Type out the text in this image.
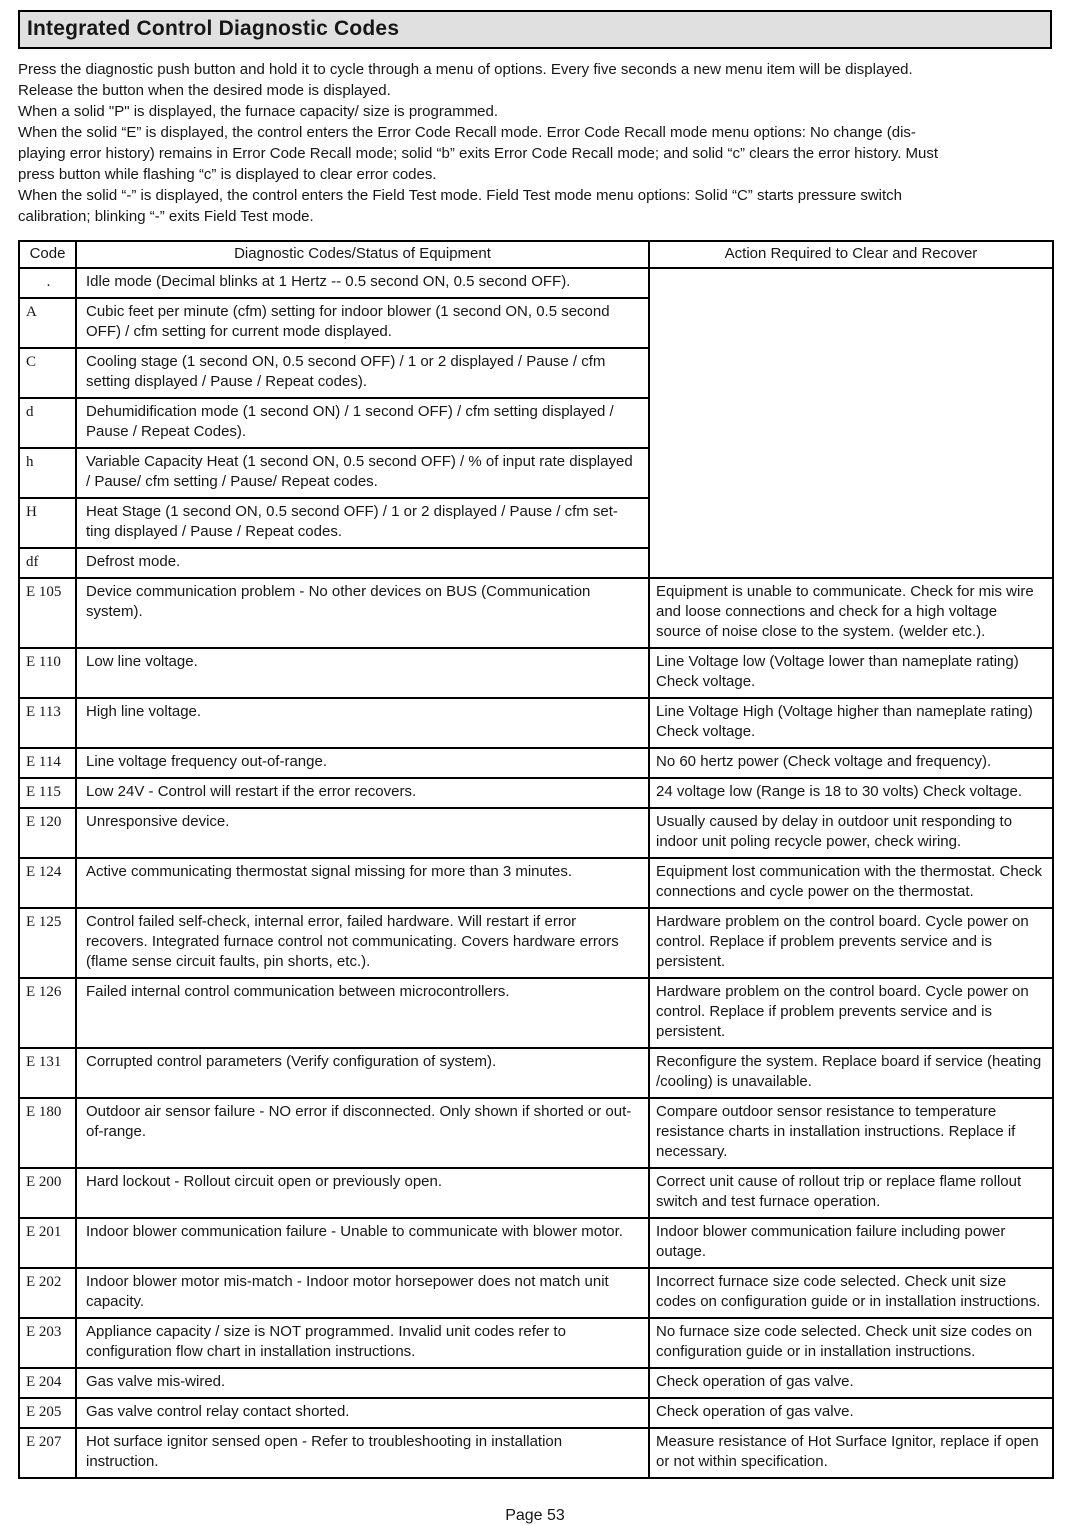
Integrated Control Diagnostic Codes
Press the diagnostic push button and hold it to cycle through a menu of options. Every five seconds a new menu item will be displayed.
Release the button when the desired mode is displayed.
When a solid "P" is displayed, the furnace capacity/ size is programmed.
When the solid “E” is displayed, the control enters the Error Code Recall mode. Error Code Recall mode menu options: No change (dis-
playing error history) remains in Error Code Recall mode; solid “b” exits Error Code Recall mode; and solid “c” clears the error history. Must
press button while flashing “c” is displayed to clear error codes.
When the solid “-” is displayed, the control enters the Field Test mode. Field Test mode menu options: Solid “C” starts pressure switch
calibration; blinking “-” exits Field Test mode.
Code	Diagnostic Codes/Status of Equipment	Action Required to Clear and Recover
.	Idle mode (Decimal blinks at 1 Hertz -- 0.5 second ON, 0.5 second OFF).	
A	Cubic feet per minute (cfm) setting for indoor blower (1 second ON, 0.5 second OFF) / cfm setting for current mode displayed.	
C	Cooling stage (1 second ON, 0.5 second OFF) / 1 or 2 displayed / Pause / cfm setting displayed / Pause / Repeat codes).	
d	Dehumidification mode (1 second ON) / 1 second OFF) / cfm setting displayed / Pause / Repeat Codes).	
h	Variable Capacity Heat (1 second ON, 0.5 second OFF) / % of input rate displayed / Pause/ cfm setting / Pause/ Repeat codes.	
H	Heat Stage (1 second ON, 0.5 second OFF) / 1 or 2 displayed / Pause / cfm set-ting displayed / Pause / Repeat codes.	
df	Defrost mode.	
E 105	Device communication problem - No other devices on BUS (Communication system).	Equipment is unable to communicate. Check for mis wire and loose connections and check for a high voltage source of noise close to the system. (welder etc.).
E 110	Low line voltage.	Line Voltage low (Voltage lower than nameplate rating) Check voltage.
E 113	High line voltage.	Line Voltage High (Voltage higher than nameplate rating) Check voltage.
E 114	Line voltage frequency out-of-range.	No 60 hertz power (Check voltage and frequency).
E 115	Low 24V - Control will restart if the error recovers.	24 voltage low (Range is 18 to 30 volts) Check voltage.
E 120	Unresponsive device.	Usually caused by delay in outdoor unit responding to indoor unit poling recycle power, check wiring.
E 124	Active communicating thermostat signal missing for more than 3 minutes.	Equipment lost communication with the thermostat. Check connections and cycle power on the thermostat.
E 125	Control failed self-check, internal error, failed hardware. Will restart if error recovers. Integrated furnace control not communicating. Covers hardware errors (flame sense circuit faults, pin shorts, etc.).	Hardware problem on the control board. Cycle power on control. Replace if problem prevents service and is persistent.
E 126	Failed internal control communication between microcontrollers.	Hardware problem on the control board. Cycle power on control. Replace if problem prevents service and is persistent.
E 131	Corrupted control parameters (Verify configuration of system).	Reconfigure the system. Replace board if service (heating /cooling) is unavailable.
E 180	Outdoor air sensor failure - NO error if disconnected. Only shown if shorted or out-of-range.	Compare outdoor sensor resistance to temperature resistance charts in installation instructions. Replace if necessary.
E 200	Hard lockout - Rollout circuit open or previously open.	Correct unit cause of rollout trip or replace flame rollout switch and test furnace operation.
E 201	Indoor blower communication failure - Unable to communicate with blower motor.	Indoor blower communication failure including power outage.
E 202	Indoor blower motor mis-match - Indoor motor horsepower does not match unit capacity.	Incorrect furnace size code selected. Check unit size codes on configuration guide or in installation instructions.
E 203	Appliance capacity / size is NOT programmed. Invalid unit codes refer to configuration flow chart in installation instructions.	No furnace size code selected. Check unit size codes on configuration guide or in installation instructions.
E 204	Gas valve mis-wired.	Check operation of gas valve.
E 205	Gas valve control relay contact shorted.	Check operation of gas valve.
E 207	Hot surface ignitor sensed open - Refer to troubleshooting in installation instruction.	Measure resistance of Hot Surface Ignitor, replace if open or not within specification.
Page 53
